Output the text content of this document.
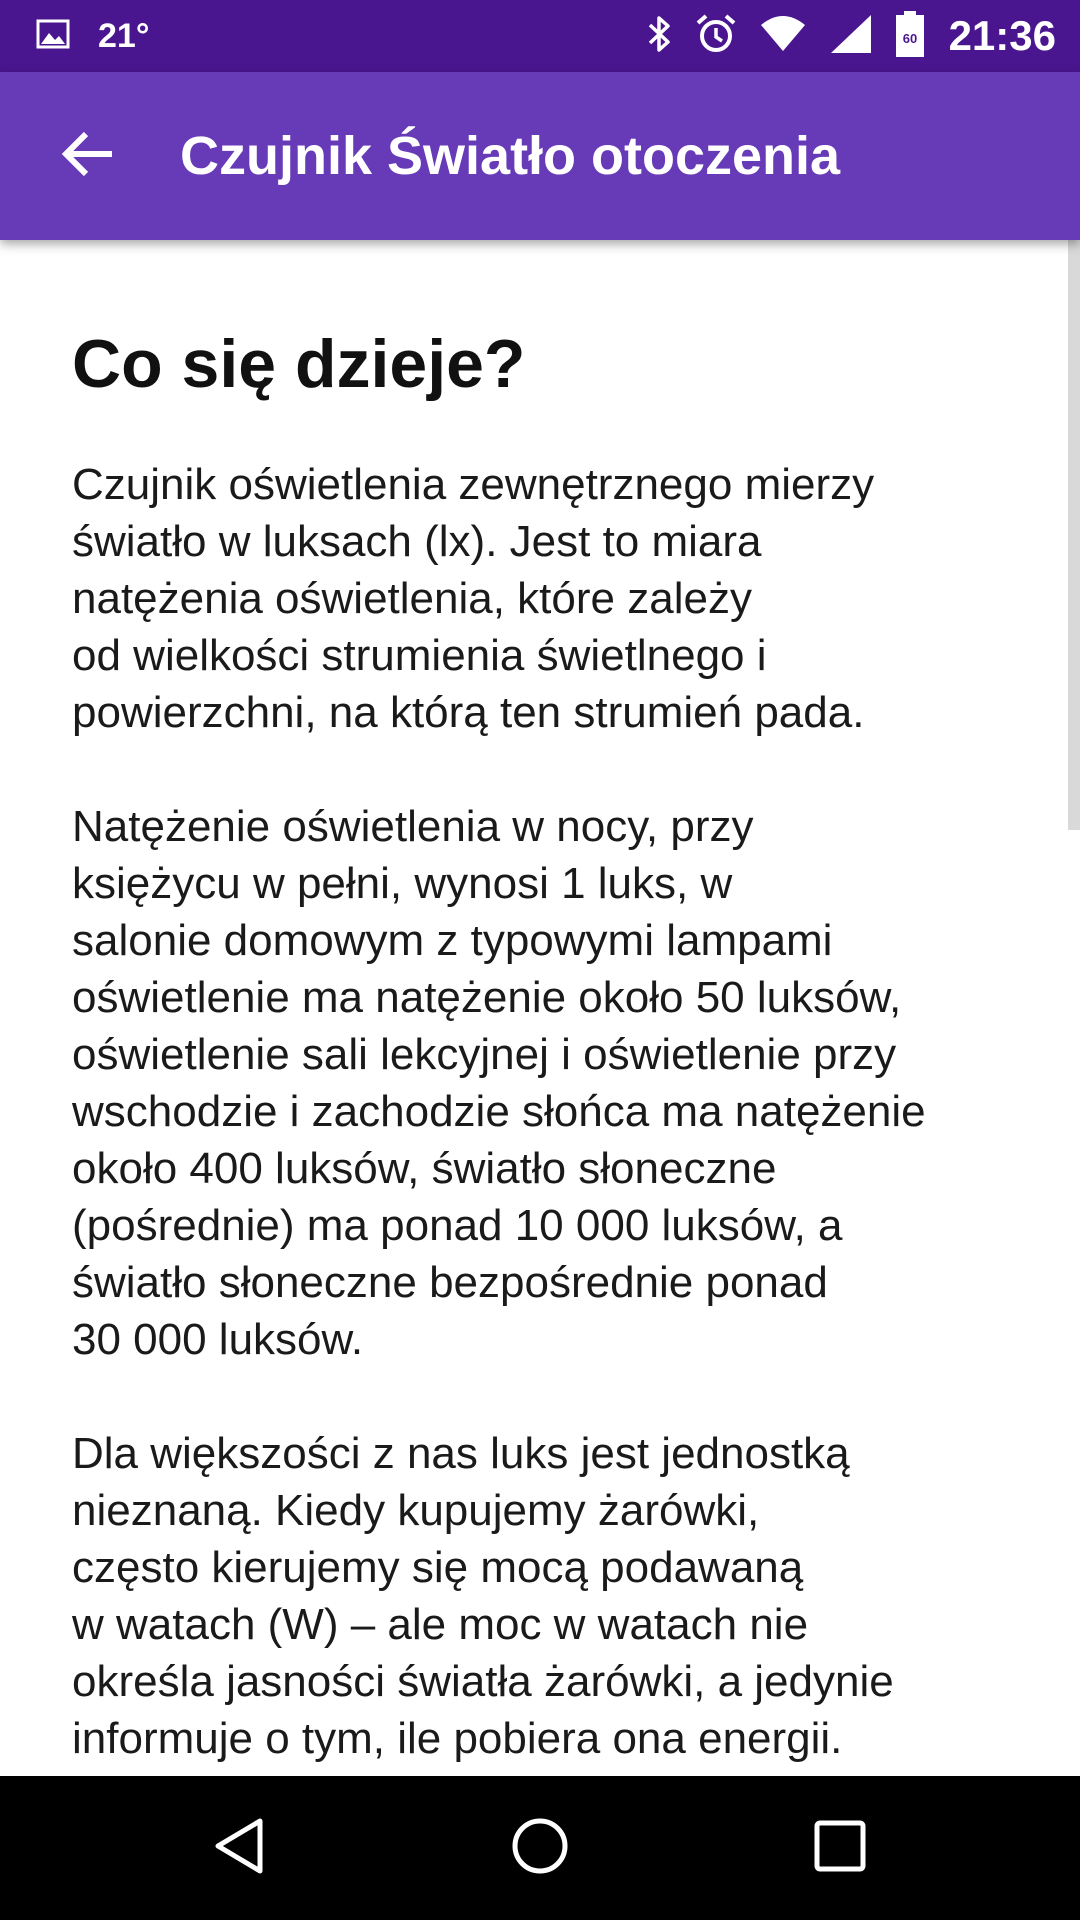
21°	60 21:36
Czujnik Światło otoczenia
Co się dzieje?

Czujnik oświetlenia zewnętrznego mierzy
światło w luksach (lx). Jest to miara
natężenia oświetlenia, które zależy
od wielkości strumienia świetlnego i
powierzchni, na którą ten strumień pada.

Natężenie oświetlenia w nocy, przy
księżycu w pełni, wynosi 1 luks, w
salonie domowym z typowymi lampami
oświetlenie ma natężenie około 50 luksów,
oświetlenie sali lekcyjnej i oświetlenie przy
wschodzie i zachodzie słońca ma natężenie
około 400 luksów, światło słoneczne
(pośrednie) ma ponad 10 000 luksów, a
światło słoneczne bezpośrednie ponad
30 000 luksów.

Dla większości z nas luks jest jednostką
nieznaną. Kiedy kupujemy żarówki,
często kierujemy się mocą podawaną
w watach (W) – ale moc w watach nie
określa jasności światła żarówki, a jedynie
informuje o tym, ile pobiera ona energii.
